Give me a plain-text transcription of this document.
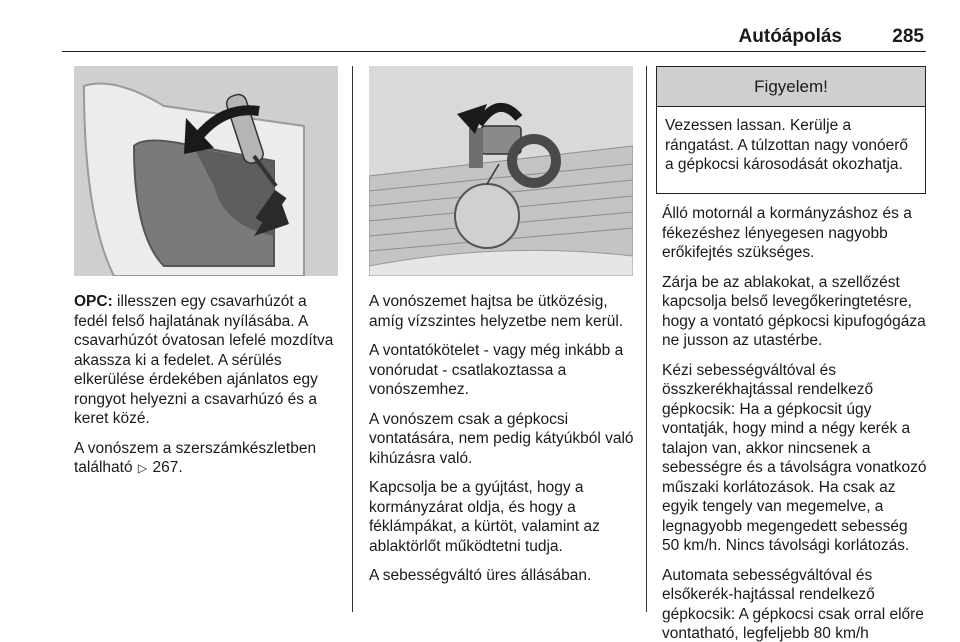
Autóápolás	285

OPC: illesszen egy csavarhúzót a fedél felső hajlatának nyílásába. A csavarhúzót óvatosan lefelé mozdítva akassza ki a fedelet. A sérülés elkerülése érdekében ajánlatos egy rongyot helyezni a csavarhúzó és a keret közé.

A vonószem a szerszámkészletben található ▷ 267.

A vonószemet hajtsa be ütközésig, amíg vízszintes helyzetbe nem kerül.

A vontatókötelet - vagy még inkább a vonórudat - csatlakoztassa a vonószemhez.

A vonószem csak a gépkocsi vontatására, nem pedig kátyúkból való kihúzásra való.

Kapcsolja be a gyújtást, hogy a kormányzárat oldja, és hogy a féklámpákat, a kürtöt, valamint az ablaktörlőt működtetni tudja.

A sebességváltó üres állásában.

Figyelem!
Vezessen lassan. Kerülje a rángatást. A túlzottan nagy vonóerő a gépkocsi károsodását okozhatja.

Álló motornál a kormányzáshoz és a fékezéshez lényegesen nagyobb erőkifejtés szükséges.

Zárja be az ablakokat, a szellőzést kapcsolja belső levegőkeringtetésre, hogy a vontató gépkocsi kipufogógáza ne jusson az utastérbe.

Kézi sebességváltóval és összkerékhajtással rendelkező gépkocsik: Ha a gépkocsit úgy vontatják, hogy mind a négy kerék a talajon van, akkor nincsenek a sebességre és a távolságra vonatkozó műszaki korlátozások. Ha csak az egyik tengely van megemelve, a legnagyobb megengedett sebesség 50 km/h. Nincs távolsági korlátozás.

Automata sebességváltóval és elsőkerék-hajtással rendelkező gépkocsik: A gépkocsi csak orral előre vontatható, legfeljebb 80 km/h
